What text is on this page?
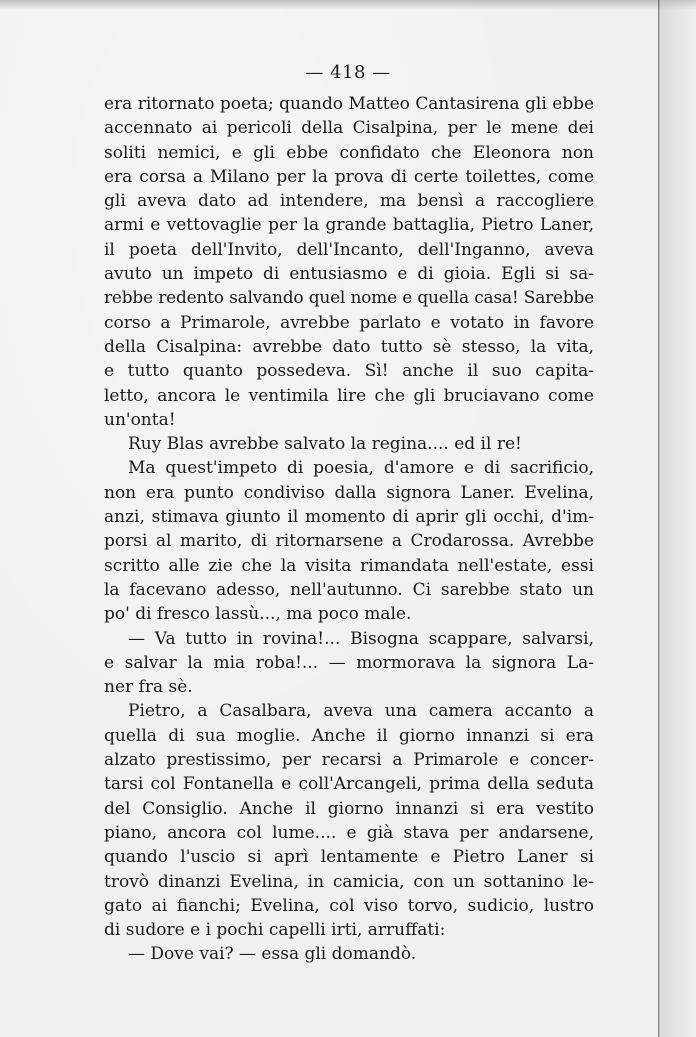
— 418 —
era ritornato poeta; quando Matteo Cantasirena gli ebbe
accennato ai pericoli della Cisalpina, per le mene dei
soliti nemici, e gli ebbe confidato che Eleonora non
era corsa a Milano per la prova di certe toilettes, come
gli aveva dato ad intendere, ma bensì a raccogliere
armi e vettovaglie per la grande battaglia, Pietro Laner,
il poeta dell'Invito, dell'Incanto, dell'Inganno, aveva
avuto un impeto di entusiasmo e di gioia. Egli si sa-
rebbe redento salvando quel nome e quella casa! Sarebbe
corso a Primarole, avrebbe parlato e votato in favore
della Cisalpina: avrebbe dato tutto sè stesso, la vita,
e tutto quanto possedeva. Sì! anche il suo capita-
letto, ancora le ventimila lire che gli bruciavano come
un'onta!
Ruy Blas avrebbe salvato la regina.... ed il re!
Ma quest'impeto di poesia, d'amore e di sacrificio,
non era punto condiviso dalla signora Laner. Evelina,
anzi, stimava giunto il momento di aprir gli occhi, d'im-
porsi al marito, di ritornarsene a Crodarossa. Avrebbe
scritto alle zie che la visita rimandata nell'estate, essi
la facevano adesso, nell'autunno. Ci sarebbe stato un
po' di fresco lassù..., ma poco male.
— Va tutto in rovina!... Bisogna scappare, salvarsi,
e salvar la mia roba!... — mormorava la signora La-
ner fra sè.
Pietro, a Casalbara, aveva una camera accanto a
quella di sua moglie. Anche il giorno innanzi si era
alzato prestissimo, per recarsi a Primarole e concer-
tarsi col Fontanella e coll'Arcangeli, prima della seduta
del Consiglio. Anche il giorno innanzi si era vestito
piano, ancora col lume.... e già stava per andarsene,
quando l'uscio si aprì lentamente e Pietro Laner si
trovò dinanzi Evelina, in camicia, con un sottanino le-
gato ai fianchi; Evelina, col viso torvo, sudicio, lustro
di sudore e i pochi capelli irti, arruffati:
— Dove vai? — essa gli domandò.
